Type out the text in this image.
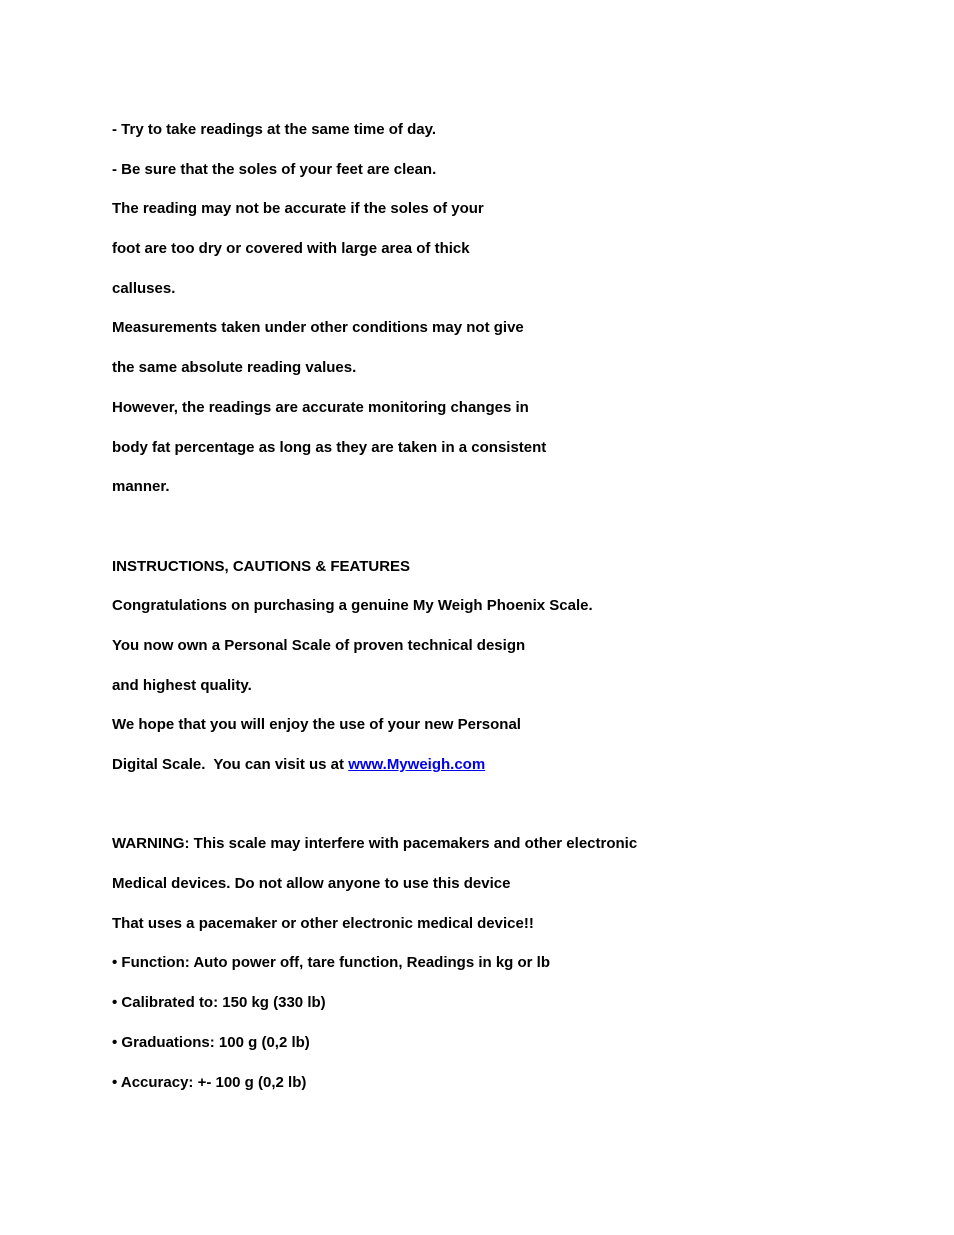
- Try to take readings at the same time of day.
- Be sure that the soles of your feet are clean.
The reading may not be accurate if the soles of your
foot are too dry or covered with large area of thick
calluses.
Measurements taken under other conditions may not give
the same absolute reading values.
However, the readings are accurate monitoring changes in
body fat percentage as long as they are taken in a consistent
manner.
INSTRUCTIONS, CAUTIONS & FEATURES
Congratulations on purchasing a genuine My Weigh Phoenix Scale.
You now own a Personal Scale of proven technical design
and highest quality.
We hope that you will enjoy the use of your new Personal
Digital Scale.  You can visit us at www.Myweigh.com
WARNING: This scale may interfere with pacemakers and other electronic
Medical devices. Do not allow anyone to use this device
That uses a pacemaker or other electronic medical device!!
• Function: Auto power off, tare function, Readings in kg or lb
• Calibrated to: 150 kg (330 lb)
• Graduations: 100 g (0,2 lb)
• Accuracy: +- 100 g (0,2 lb)
